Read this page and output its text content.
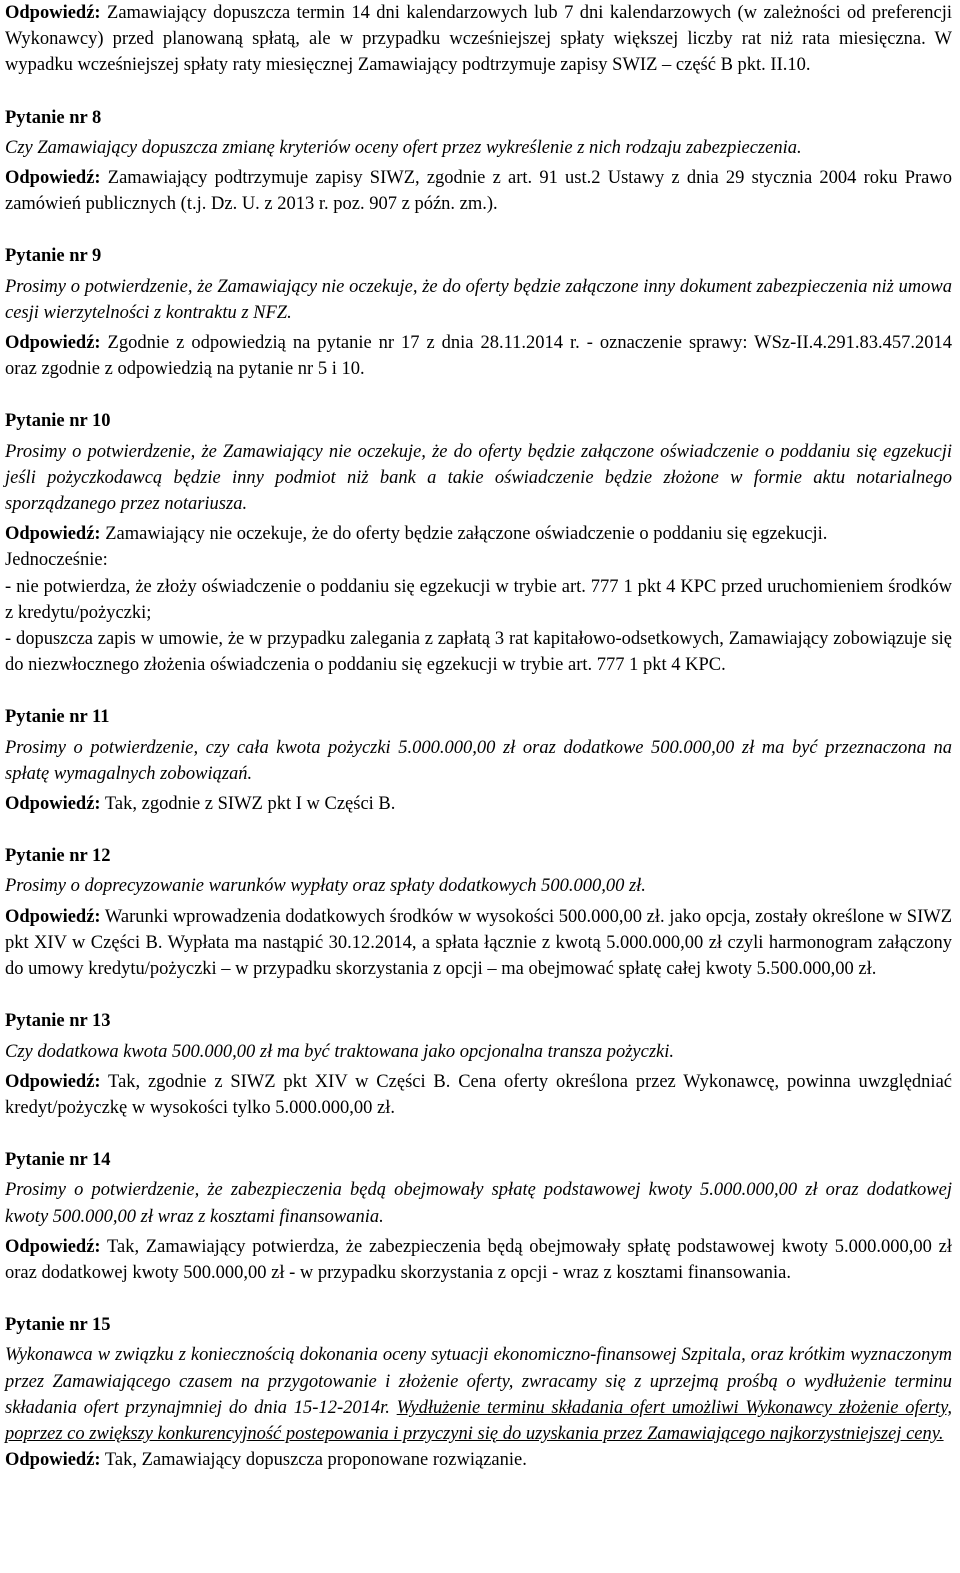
Odpowiedź: Zamawiający dopuszcza termin 14 dni kalendarzowych lub 7 dni kalendarzowych (w zależności od preferencji Wykonawcy) przed planowaną spłatą, ale w przypadku wcześniejszej spłaty większej liczby rat niż rata miesięczna. W wypadku wcześniejszej spłaty raty miesięcznej Zamawiający podtrzymuje zapisy SWIZ – część B pkt. II.10.

Pytanie nr 8

Czy Zamawiający dopuszcza zmianę kryteriów oceny ofert przez wykreślenie z nich rodzaju zabezpieczenia.

Odpowiedź: Zamawiający podtrzymuje zapisy SIWZ, zgodnie z art. 91 ust.2 Ustawy z dnia 29 stycznia 2004 roku Prawo zamówień publicznych (t.j. Dz. U. z 2013 r. poz. 907 z późn. zm.).

Pytanie nr 9

Prosimy o potwierdzenie, że Zamawiający nie oczekuje, że do oferty będzie załączone inny dokument zabezpieczenia niż umowa cesji wierzytelności z kontraktu z NFZ.

Odpowiedź: Zgodnie z odpowiedzią na pytanie nr 17 z dnia 28.11.2014 r. - oznaczenie sprawy: WSz-II.4.291.83.457.2014 oraz zgodnie z odpowiedzią na pytanie nr 5 i 10.

Pytanie nr 10

Prosimy o potwierdzenie, że Zamawiający nie oczekuje, że do oferty będzie załączone oświadczenie o poddaniu się egzekucji jeśli pożyczkodawcą będzie inny podmiot niż bank a takie oświadczenie będzie złożone w formie aktu notarialnego sporządzanego przez notariusza.

Odpowiedź: Zamawiający nie oczekuje, że do oferty będzie załączone oświadczenie o poddaniu się egzekucji.

Jednocześnie:

- nie potwierdza, że złoży oświadczenie o poddaniu się egzekucji w trybie art. 777 1 pkt 4 KPC przed uruchomieniem środków z kredytu/pożyczki;

- dopuszcza zapis w umowie, że w przypadku zalegania z zapłatą 3 rat kapitałowo-odsetkowych, Zamawiający zobowiązuje się do niezwłocznego złożenia oświadczenia o poddaniu się egzekucji w trybie art. 777 1 pkt 4 KPC.

Pytanie nr 11

Prosimy o potwierdzenie, czy cała kwota pożyczki 5.000.000,00 zł oraz dodatkowe 500.000,00 zł ma być przeznaczona na spłatę wymagalnych zobowiązań.

Odpowiedź: Tak, zgodnie z SIWZ pkt I w Części B.

Pytanie nr 12

Prosimy o doprecyzowanie warunków wypłaty oraz spłaty dodatkowych 500.000,00 zł.

Odpowiedź: Warunki wprowadzenia dodatkowych środków w wysokości 500.000,00 zł. jako opcja, zostały określone w SIWZ pkt XIV w Części B. Wypłata ma nastąpić 30.12.2014, a spłata łącznie z kwotą 5.000.000,00 zł czyli harmonogram załączony do umowy kredytu/pożyczki – w przypadku skorzystania z opcji – ma obejmować spłatę całej kwoty 5.500.000,00 zł.

Pytanie nr 13

Czy dodatkowa kwota 500.000,00 zł ma być traktowana jako opcjonalna transza pożyczki.

Odpowiedź: Tak, zgodnie z SIWZ pkt XIV w Części B. Cena oferty określona przez Wykonawcę, powinna uwzględniać kredyt/pożyczkę w wysokości tylko 5.000.000,00 zł.

Pytanie nr 14

Prosimy o potwierdzenie, że zabezpieczenia będą obejmowały spłatę podstawowej kwoty 5.000.000,00 zł oraz dodatkowej kwoty 500.000,00 zł wraz z kosztami finansowania.

Odpowiedź: Tak, Zamawiający potwierdza, że zabezpieczenia będą obejmowały spłatę podstawowej kwoty 5.000.000,00 zł oraz dodatkowej kwoty 500.000,00 zł - w przypadku skorzystania z opcji - wraz z kosztami finansowania.

Pytanie nr 15

Wykonawca w związku z koniecznością dokonania oceny sytuacji ekonomiczno-finansowej Szpitala, oraz krótkim wyznaczonym przez Zamawiającego czasem na przygotowanie i złożenie oferty, zwracamy się z uprzejmą prośbą o wydłużenie terminu składania ofert przynajmniej do dnia 15-12-2014r. Wydłużenie terminu składania ofert umożliwi Wykonawcy złożenie oferty, poprzez co zwiększy konkurencyjność postepowania i przyczyni się do uzyskania przez Zamawiającego najkorzystniejszej ceny.

Odpowiedź: Tak, Zamawiający dopuszcza proponowane rozwiązanie.
